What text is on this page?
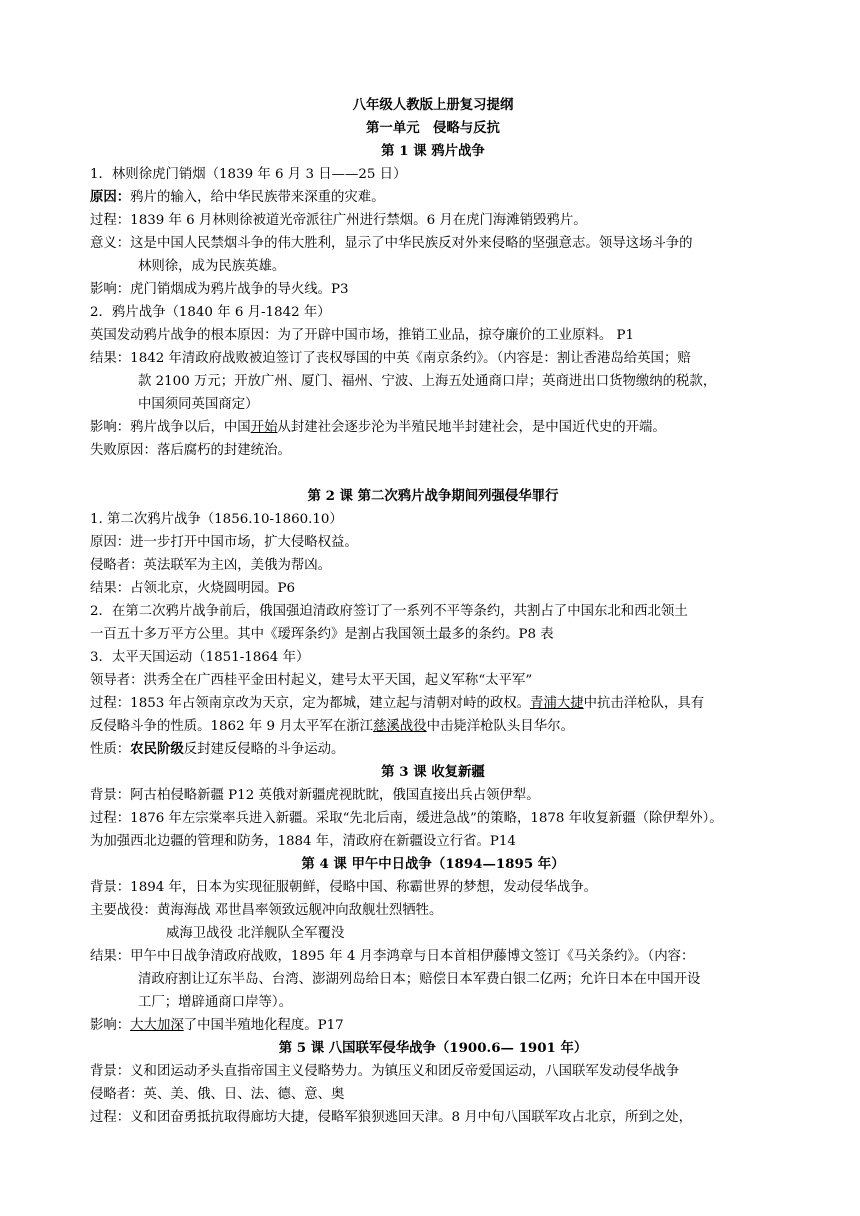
八年级人教版上册复习提纲
第一单元　侵略与反抗
第 1 课 鸦片战争
1．林则徐虎门销烟（1839 年 6 月 3 日——25 日）
原因：鸦片的输入，给中华民族带来深重的灾难。
过程：1839 年 6 月林则徐被道光帝派往广州进行禁烟。6 月在虎门海滩销毁鸦片。
意义：这是中国人民禁烟斗争的伟大胜利，显示了中华民族反对外来侵略的坚强意志。领导这场斗争的
林则徐，成为民族英雄。
影响：虎门销烟成为鸦片战争的导火线。P3
2．鸦片战争（1840 年 6 月-1842 年）
英国发动鸦片战争的根本原因：为了开辟中国市场，推销工业品，掠夺廉价的工业原料。 P1
结果：1842 年清政府战败被迫签订了丧权辱国的中英《南京条约》。（内容是：割让香港岛给英国；赔
款 2100 万元；开放广州、厦门、福州、宁波、上海五处通商口岸；英商进出口货物缴纳的税款，
中国须同英国商定）
影响：鸦片战争以后，中国开始从封建社会逐步沦为半殖民地半封建社会，是中国近代史的开端。
失败原因：落后腐朽的封建统治。
第 2 课 第二次鸦片战争期间列强侵华罪行
1. 第二次鸦片战争（1856.10-1860.10）
原因：进一步打开中国市场，扩大侵略权益。
侵略者：英法联军为主凶，美俄为帮凶。
结果：占领北京，火烧圆明园。P6
2．在第二次鸦片战争前后，俄国强迫清政府签订了一系列不平等条约，共割占了中国东北和西北领土
一百五十多万平方公里。其中《瑷珲条约》是割占我国领土最多的条约。P8 表
3．太平天国运动（1851-1864 年）
领导者：洪秀全在广西桂平金田村起义，建号太平天国，起义军称“太平军”
过程：1853 年占领南京改为天京，定为都城，建立起与清朝对峙的政权。青浦大捷中抗击洋枪队，具有
反侵略斗争的性质。1862 年 9 月太平军在浙江慈溪战役中击毙洋枪队头目华尔。
性质：农民阶级反封建反侵略的斗争运动。
第 3 课 收复新疆
背景：阿古柏侵略新疆 P12 英俄对新疆虎视眈眈，俄国直接出兵占领伊犁。
过程：1876 年左宗棠率兵进入新疆。采取“先北后南，缓进急战”的策略，1878 年收复新疆（除伊犁外）。
为加强西北边疆的管理和防务，1884 年，清政府在新疆设立行省。P14
第 4 课 甲午中日战争（1894—1895 年）
背景：1894 年，日本为实现征服朝鲜，侵略中国、称霸世界的梦想，发动侵华战争。
主要战役：黄海海战 邓世昌率领致远舰冲向敌舰壮烈牺牲。
威海卫战役 北洋舰队全军覆没
结果：甲午中日战争清政府战败，1895 年 4 月李鸿章与日本首相伊藤博文签订《马关条约》。（内容：
清政府割让辽东半岛、台湾、澎湖列岛给日本；赔偿日本军费白银二亿两；允许日本在中国开设
工厂；增辟通商口岸等）。
影响：大大加深了中国半殖地化程度。P17
第 5 课 八国联军侵华战争（1900.6— 1901 年）
背景：义和团运动矛头直指帝国主义侵略势力。为镇压义和团反帝爱国运动，八国联军发动侵华战争
侵略者：英、美、俄、日、法、德、意、奥
过程：义和团奋勇抵抗取得廊坊大捷，侵略军狼狈逃回天津。8 月中旬八国联军攻占北京，所到之处，
